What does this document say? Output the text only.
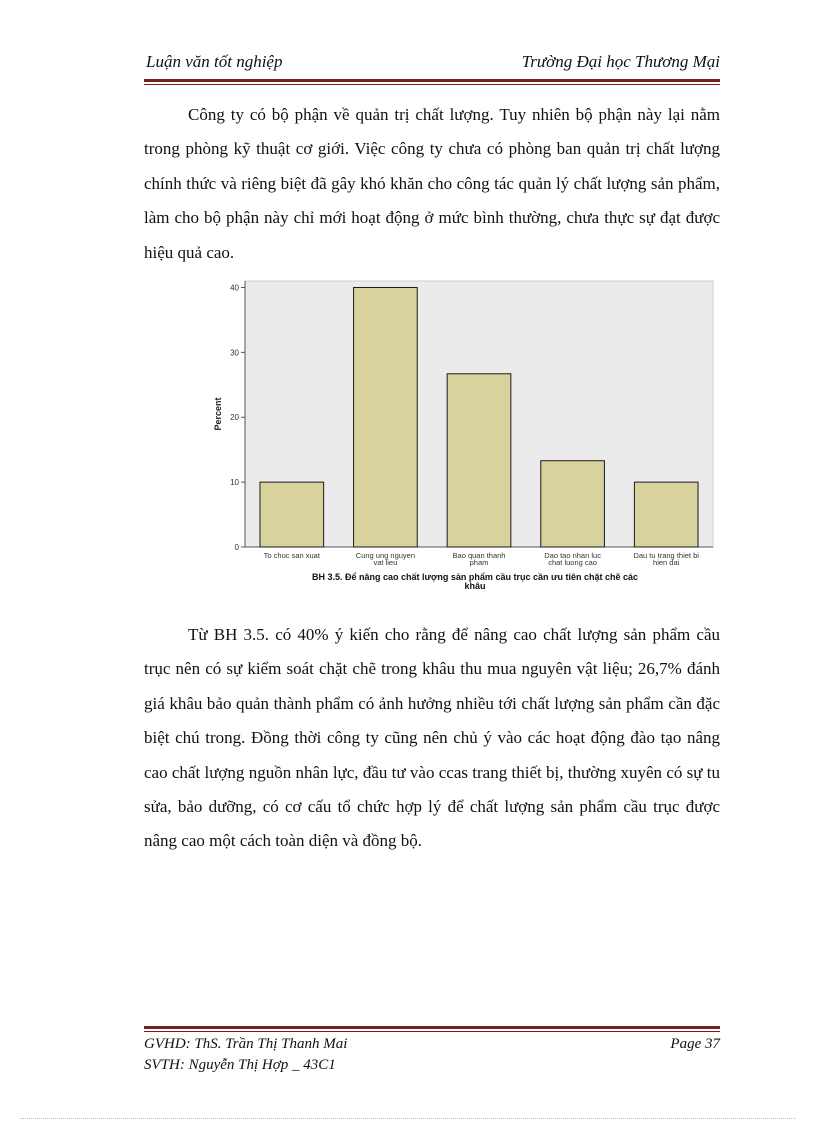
Luận văn tốt nghiệp	Trường Đại học Thương Mại

Công ty có bộ phận về quản trị chất lượng. Tuy nhiên bộ phận này lại nằm trong phòng kỹ thuật cơ giới. Việc công ty chưa có phòng ban quản trị chất lượng chính thức và riêng biệt đã gây khó khăn cho công tác quản lý chất lượng sản phẩm, làm cho bộ phận này chỉ mới hoạt động ở mức bình thường, chưa thực sự đạt được hiệu quả cao.

0
10
20
30
40
To chuc san xuat	Cung ung nguyen
vat lieu
Bao quan thanh
pham
Dao tao nhan luc
chat luong cao
Dau tu trang thiet bi
hien dai
Percent
BH 3.5. Để nâng cao chất lượng sản phẩm cầu trục cần ưu tiên chặt chẽ các
khâu

Từ BH 3.5. có 40% ý kiến cho rằng để nâng cao chất lượng sản phẩm cầu trục nên có sự kiểm soát chặt chẽ trong khâu thu mua nguyên vật liệu; 26,7% đánh giá khâu bảo quản thành phẩm có ảnh hưởng nhiều tới chất lượng sản phẩm cần đặc biệt chú trong. Đồng thời công ty cũng nên chủ ý vào các hoạt động đào tạo nâng cao chất lượng nguồn nhân lực, đầu tư vào ccas trang thiết bị, thường xuyên có sự tu sửa, bảo dưỡng, có cơ cấu tổ chức hợp lý để chất lượng sản phẩm cầu trục được nâng cao một cách toàn diện và đồng bộ.

GVHD: ThS. Trần Thị Thanh Mai
SVTH: Nguyễn Thị Hợp _ 43C1
Page 37
